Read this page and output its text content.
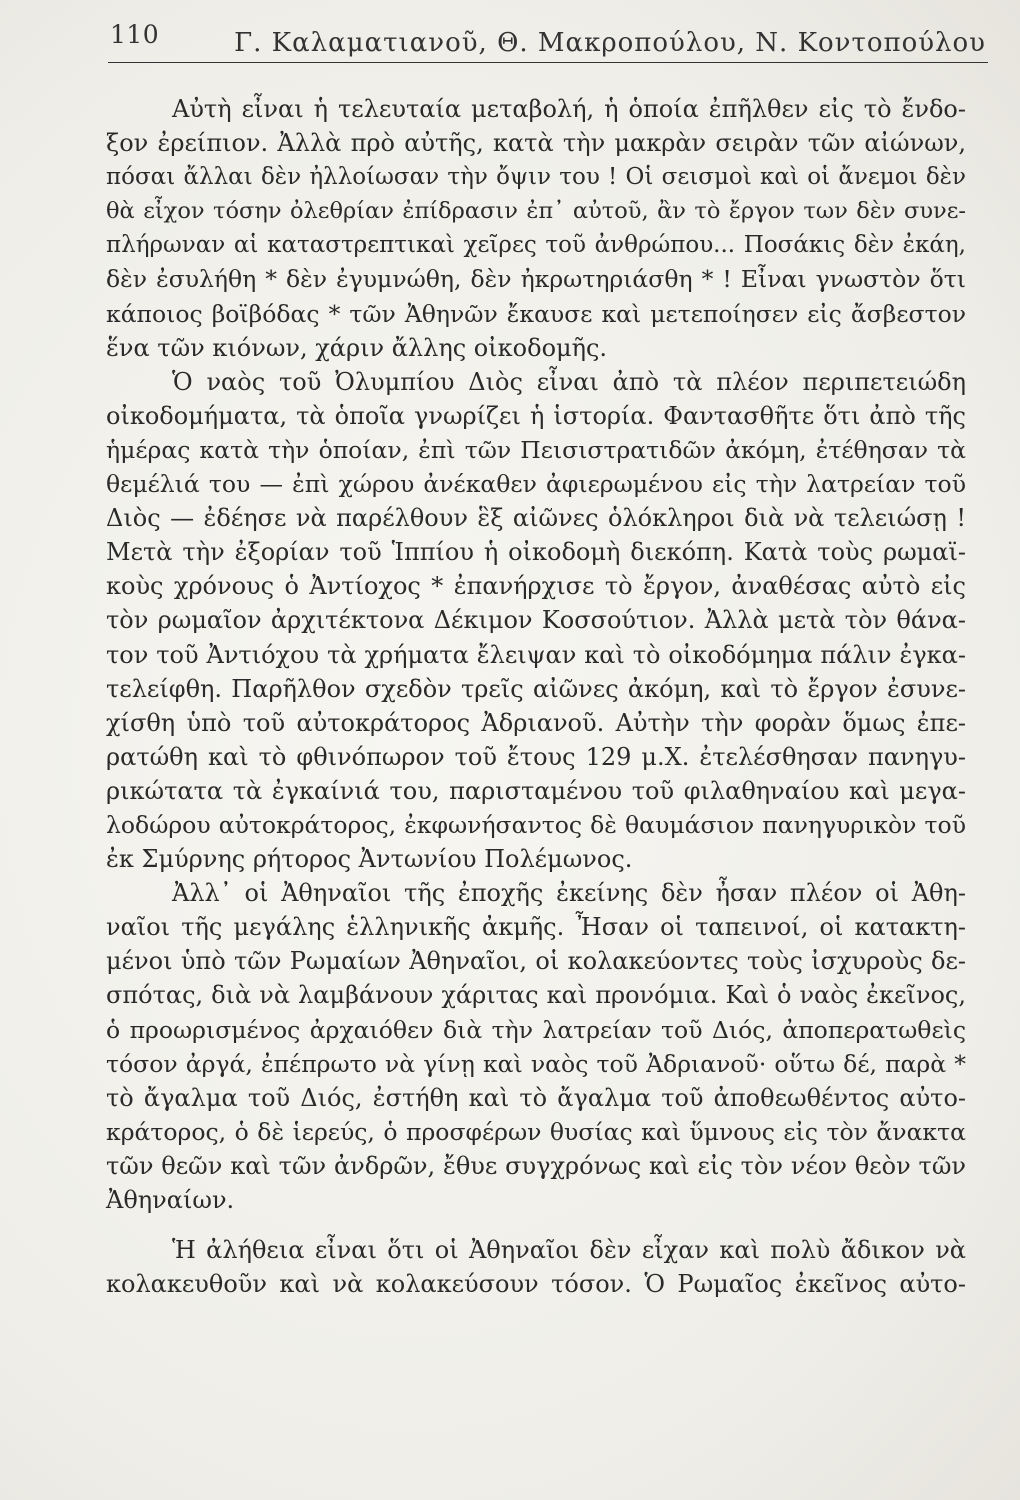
110	Γ. Καλαματιανοῦ, Θ. Μακροπούλου, Ν. Κοντοπούλου
Αὐτὴ εἶναι ἡ τελευταία μεταβολή, ἡ ὁποία ἐπῆλθεν εἰς τὸ ἔνδο-
ξον ἐρείπιον. Ἀλλὰ πρὸ αὐτῆς, κατὰ τὴν μακρὰν σειρὰν τῶν αἰώνων,
πόσαι ἄλλαι δὲν ἠλλοίωσαν τὴν ὄψιν του ! Οἱ σεισμοὶ καὶ οἱ ἄνεμοι δὲν
θὰ εἶχον τόσην ὀλεθρίαν ἐπίδρασιν ἐπ᾿ αὐτοῦ, ἂν τὸ ἔργον των δὲν συνε-
πλήρωναν αἱ καταστρεπτικαὶ χεῖρες τοῦ ἀνθρώπου... Ποσάκις δὲν ἐκάη,
δὲν ἐσυλήθη * δὲν ἐγυμνώθη, δὲν ἠκρωτηριάσθη * ! Εἶναι γνωστὸν ὅτι
κάποιος βοϊβόδας * τῶν Ἀθηνῶν ἔκαυσε καὶ μετεποίησεν εἰς ἄσβεστον
ἕνα τῶν κιόνων, χάριν ἄλλης οἰκοδομῆς.
Ὁ ναὸς τοῦ Ὀλυμπίου Διὸς εἶναι ἀπὸ τὰ πλέον περιπετειώδη
οἰκοδομήματα, τὰ ὁποῖα γνωρίζει ἡ ἱστορία. Φαντασθῆτε ὅτι ἀπὸ τῆς
ἡμέρας κατὰ τὴν ὁποίαν, ἐπὶ τῶν Πεισιστρατιδῶν ἀκόμη, ἐτέθησαν τὰ
θεμέλιά του — ἐπὶ χώρου ἀνέκαθεν ἀφιερωμένου εἰς τὴν λατρείαν τοῦ
Διὸς — ἐδέησε νὰ παρέλθουν ἓξ αἰῶνες ὁλόκληροι διὰ νὰ τελειώσῃ !
Μετὰ τὴν ἐξορίαν τοῦ Ἱππίου ἡ οἰκοδομὴ διεκόπη. Κατὰ τοὺς ρωμαϊ-
κοὺς χρόνους ὁ Ἀντίοχος * ἐπανήρχισε τὸ ἔργον, ἀναθέσας αὐτὸ εἰς
τὸν ρωμαῖον ἀρχιτέκτονα Δέκιμον Κοσσούτιον. Ἀλλὰ μετὰ τὸν θάνα-
τον τοῦ Ἀντιόχου τὰ χρήματα ἔλειψαν καὶ τὸ οἰκοδόμημα πάλιν ἐγκα-
τελείφθη. Παρῆλθον σχεδὸν τρεῖς αἰῶνες ἀκόμη, καὶ τὸ ἔργον ἐσυνε-
χίσθη ὑπὸ τοῦ αὐτοκράτορος Ἀδριανοῦ. Αὐτὴν τὴν φορὰν ὅμως ἐπε-
ρατώθη καὶ τὸ φθινόπωρον τοῦ ἔτους 129 μ.Χ. ἐτελέσθησαν πανηγυ-
ρικώτατα τὰ ἐγκαίνιά του, παρισταμένου τοῦ φιλαθηναίου καὶ μεγα-
λοδώρου αὐτοκράτορος, ἐκφωνήσαντος δὲ θαυμάσιον πανηγυρικὸν τοῦ
ἐκ Σμύρνης ρήτορος Ἀντωνίου Πολέμωνος.
Ἀλλ᾿ οἱ Ἀθηναῖοι τῆς ἐποχῆς ἐκείνης δὲν ἦσαν πλέον οἱ Ἀθη-
ναῖοι τῆς μεγάλης ἑλληνικῆς ἀκμῆς. Ἦσαν οἱ ταπεινοί, οἱ κατακτη-
μένοι ὑπὸ τῶν Ρωμαίων Ἀθηναῖοι, οἱ κολακεύοντες τοὺς ἰσχυροὺς δε-
σπότας, διὰ νὰ λαμβάνουν χάριτας καὶ προνόμια. Καὶ ὁ ναὸς ἐκεῖνος,
ὁ προωρισμένος ἀρχαιόθεν διὰ τὴν λατρείαν τοῦ Διός, ἀποπερατωθεὶς
τόσον ἀργά, ἐπέπρωτο νὰ γίνῃ καὶ ναὸς τοῦ Ἀδριανοῦ· οὕτω δέ, παρὰ *
τὸ ἄγαλμα τοῦ Διός, ἐστήθη καὶ τὸ ἄγαλμα τοῦ ἀποθεωθέντος αὐτο-
κράτορος, ὁ δὲ ἱερεύς, ὁ προσφέρων θυσίας καὶ ὕμνους εἰς τὸν ἄνακτα
τῶν θεῶν καὶ τῶν ἀνδρῶν, ἔθυε συγχρόνως καὶ εἰς τὸν νέον θεὸν τῶν
Ἀθηναίων.
Ἡ ἀλήθεια εἶναι ὅτι οἱ Ἀθηναῖοι δὲν εἶχαν καὶ πολὺ ἄδικον νὰ
κολακευθοῦν καὶ νὰ κολακεύσουν τόσον. Ὁ Ρωμαῖος ἐκεῖνος αὐτο-
